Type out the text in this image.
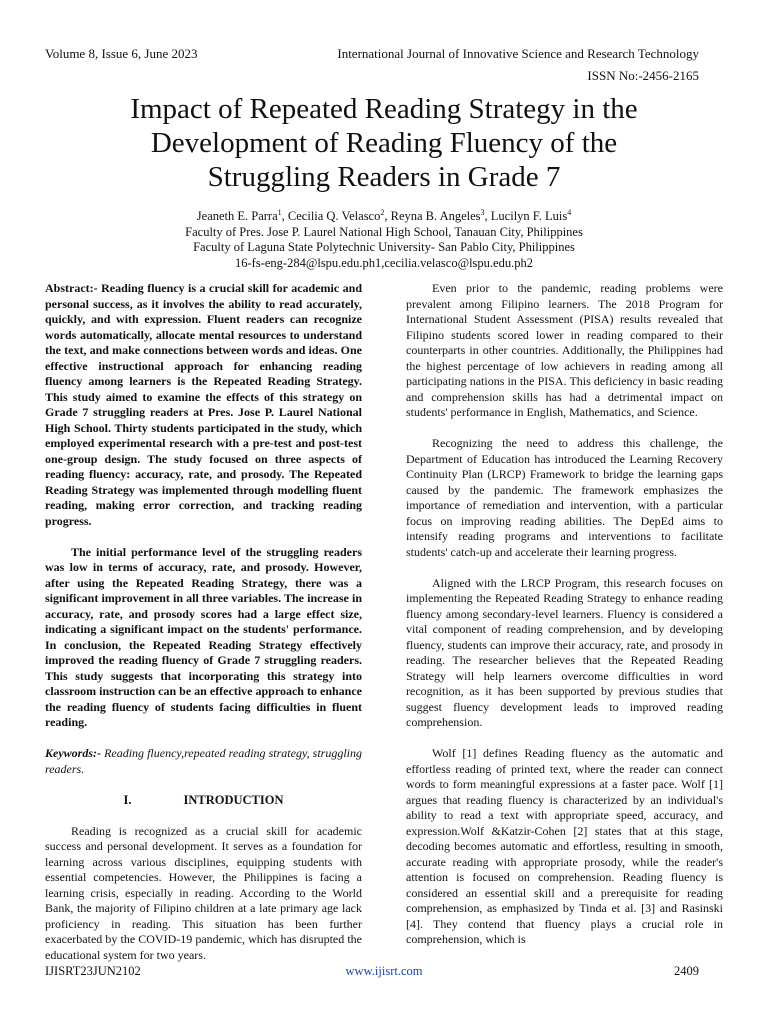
Volume 8, Issue 6, June 2023	International Journal of Innovative Science and Research Technology
ISSN No:-2456-2165
Impact of Repeated Reading Strategy in the
Development of Reading Fluency of the
Struggling Readers in Grade 7
Jeaneth E. Parra$^1$, Cecilia Q. Velasco$^2$, Reyna B. Angeles$^3$, Lucilyn F. Luis$^4$
Faculty of Pres. Jose P. Laurel National High School, Tanauan City, Philippines
Faculty of Laguna State Polytechnic University- San Pablo City, Philippines
16-fs-eng-284@lspu.edu.ph1,cecilia.velasco@lspu.edu.ph2

Abstract:- Reading fluency is a crucial skill for academic and personal success, as it involves the ability to read accurately, quickly, and with expression. Fluent readers can recognize words automatically, allocate mental resources to understand the text, and make connections between words and ideas. One effective instructional approach for enhancing reading fluency among learners is the Repeated Reading Strategy. This study aimed to examine the effects of this strategy on Grade 7 struggling readers at Pres. Jose P. Laurel National High School. Thirty students participated in the study, which employed experimental research with a pre-test and post-test one-group design. The study focused on three aspects of reading fluency: accuracy, rate, and prosody. The Repeated Reading Strategy was implemented through modelling fluent reading, making error correction, and tracking reading progress.

The initial performance level of the struggling readers was low in terms of accuracy, rate, and prosody. However, after using the Repeated Reading Strategy, there was a significant improvement in all three variables. The increase in accuracy, rate, and prosody scores had a large effect size, indicating a significant impact on the students' performance. In conclusion, the Repeated Reading Strategy effectively improved the reading fluency of Grade 7 struggling readers. This study suggests that incorporating this strategy into classroom instruction can be an effective approach to enhance the reading fluency of students facing difficulties in fluent reading.

Keywords:- Reading fluency,repeated reading strategy, struggling readers.

I.	INTRODUCTION

Reading is recognized as a crucial skill for academic success and personal development. It serves as a foundation for learning across various disciplines, equipping students with essential competencies. However, the Philippines is facing a learning crisis, especially in reading. According to the World Bank, the majority of Filipino children at a late primary age lack proficiency in reading. This situation has been further exacerbated by the COVID-19 pandemic, which has disrupted the educational system for two years.

Even prior to the pandemic, reading problems were prevalent among Filipino learners. The 2018 Program for International Student Assessment (PISA) results revealed that Filipino students scored lower in reading compared to their counterparts in other countries. Additionally, the Philippines had the highest percentage of low achievers in reading among all participating nations in the PISA. This deficiency in basic reading and comprehension skills has had a detrimental impact on students' performance in English, Mathematics, and Science.

Recognizing the need to address this challenge, the Department of Education has introduced the Learning Recovery Continuity Plan (LRCP) Framework to bridge the learning gaps caused by the pandemic. The framework emphasizes the importance of remediation and intervention, with a particular focus on improving reading abilities. The DepEd aims to intensify reading programs and interventions to facilitate students' catch-up and accelerate their learning progress.

Aligned with the LRCP Program, this research focuses on implementing the Repeated Reading Strategy to enhance reading fluency among secondary-level learners. Fluency is considered a vital component of reading comprehension, and by developing fluency, students can improve their accuracy, rate, and prosody in reading. The researcher believes that the Repeated Reading Strategy will help learners overcome difficulties in word recognition, as it has been supported by previous studies that suggest fluency development leads to improved reading comprehension.

Wolf [1] defines Reading fluency as the automatic and effortless reading of printed text, where the reader can connect words to form meaningful expressions at a faster pace. Wolf [1] argues that reading fluency is characterized by an individual's ability to read a text with appropriate speed, accuracy, and expression.Wolf &Katzir-Cohen [2] states that at this stage, decoding becomes automatic and effortless, resulting in smooth, accurate reading with appropriate prosody, while the reader's attention is focused on comprehension. Reading fluency is considered an essential skill and a prerequisite for reading comprehension, as emphasized by Tinda et al. [3] and Rasinski [4]. They contend that fluency plays a crucial role in comprehension, which is

IJISRT23JUN2102	www.ijisrt.com	2409
